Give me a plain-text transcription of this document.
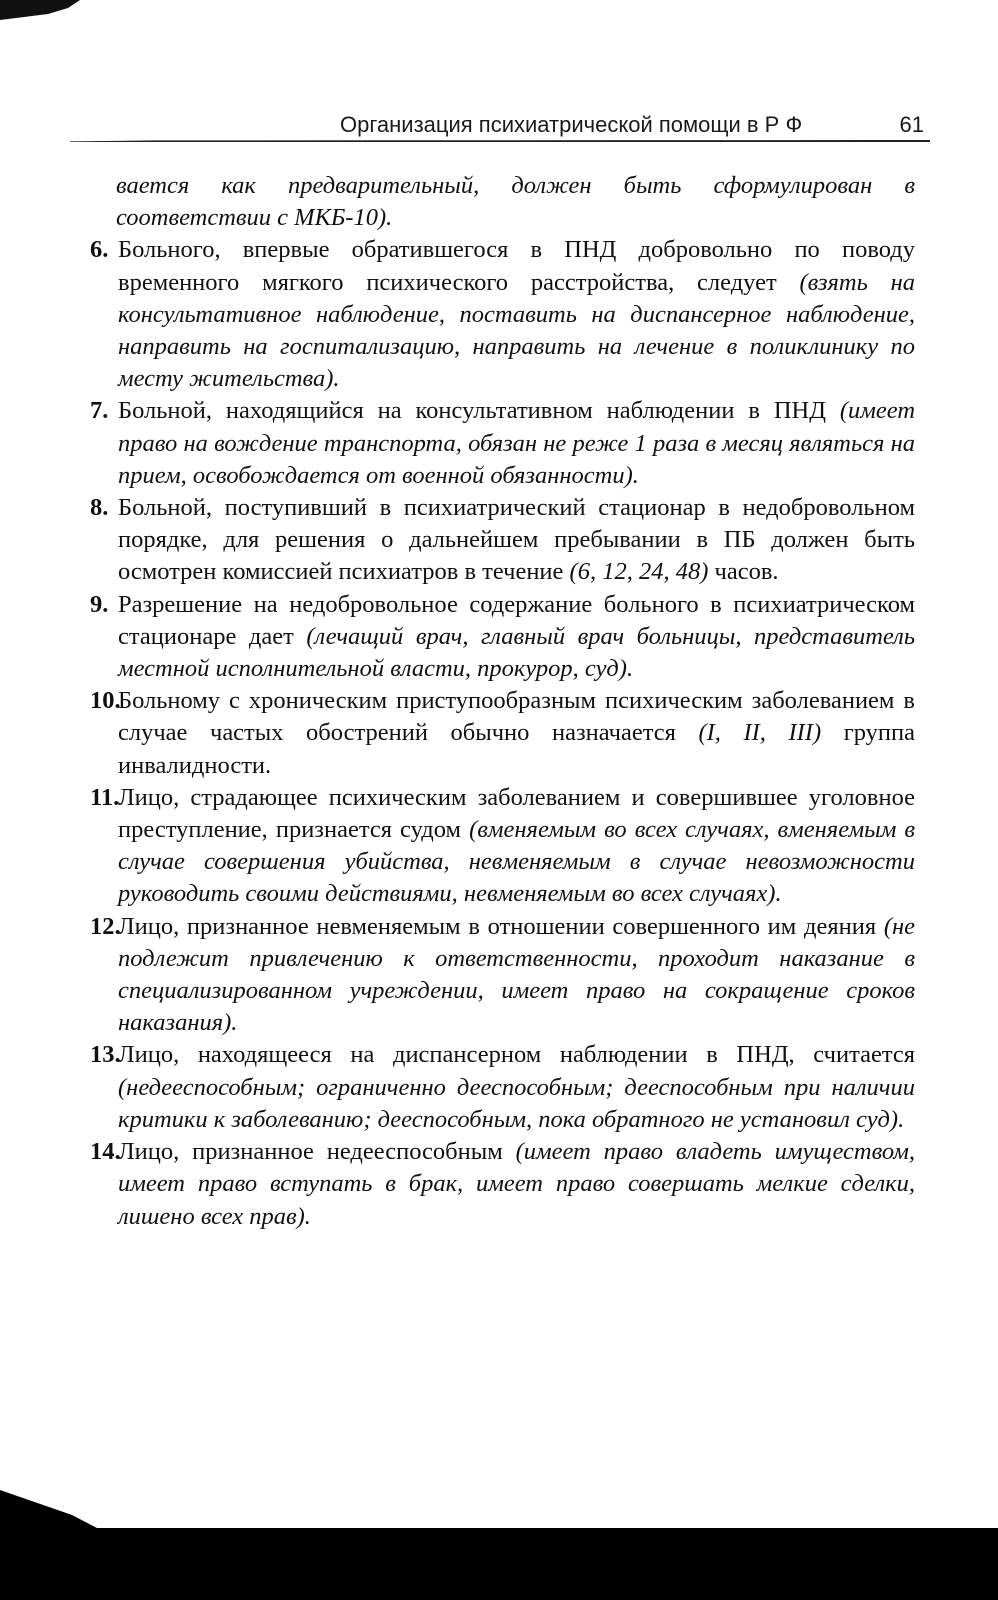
Организация психиатрической помощи в Р Ф	61
вается как предварительный, должен быть сформулирован в соответствии с МКБ-10).
6. Больного, впервые обратившегося в ПНД добровольно по поводу временного мягкого психического расстройства, следует (взять на консультативное наблюдение, поставить на диспансерное наблюдение, направить на госпитализацию, направить на лечение в поликлинику по месту жительства).
7. Больной, находящийся на консультативном наблюдении в ПНД (имеет право на вождение транспорта, обязан не реже 1 раза в месяц являться на прием, освобождается от военной обязанности).
8. Больной, поступивший в психиатрический стационар в недобровольном порядке, для решения о дальнейшем пребывании в ПБ должен быть осмотрен комиссией психиатров в течение (6, 12, 24, 48) часов.
9. Разрешение на недобровольное содержание больного в психиатрическом стационаре дает (лечащий врач, главный врач больницы, представитель местной исполнительной власти, прокурор, суд).
10.
Больному с хроническим приступообразным психическим заболеванием в случае частых обострений обычно назначается (I, II, III) группа инвалидности.
11.
Лицо, страдающее психическим заболеванием и совершившее уголовное преступление, признается судом (вменяемым во всех случаях, вменяемым в случае совершения убийства, невменяемым в случае невозможности руководить своими действиями, невменяемым во всех случаях).
12.
Лицо, признанное невменяемым в отношении совершенного им деяния (не подлежит привлечению к ответственности, проходит наказание в специализированном учреждении, имеет право на сокращение сроков наказания).
13.
Лицо, находящееся на диспансерном наблюдении в ПНД, считается (недееспособным; ограниченно дееспособным; дееспособным при наличии критики к заболеванию; дееспособным, пока обратного не установил суд).
14.
Лицо, признанное недееспособным (имеет право владеть имуществом, имеет право вступать в брак, имеет право совершать мелкие сделки, лишено всех прав).
